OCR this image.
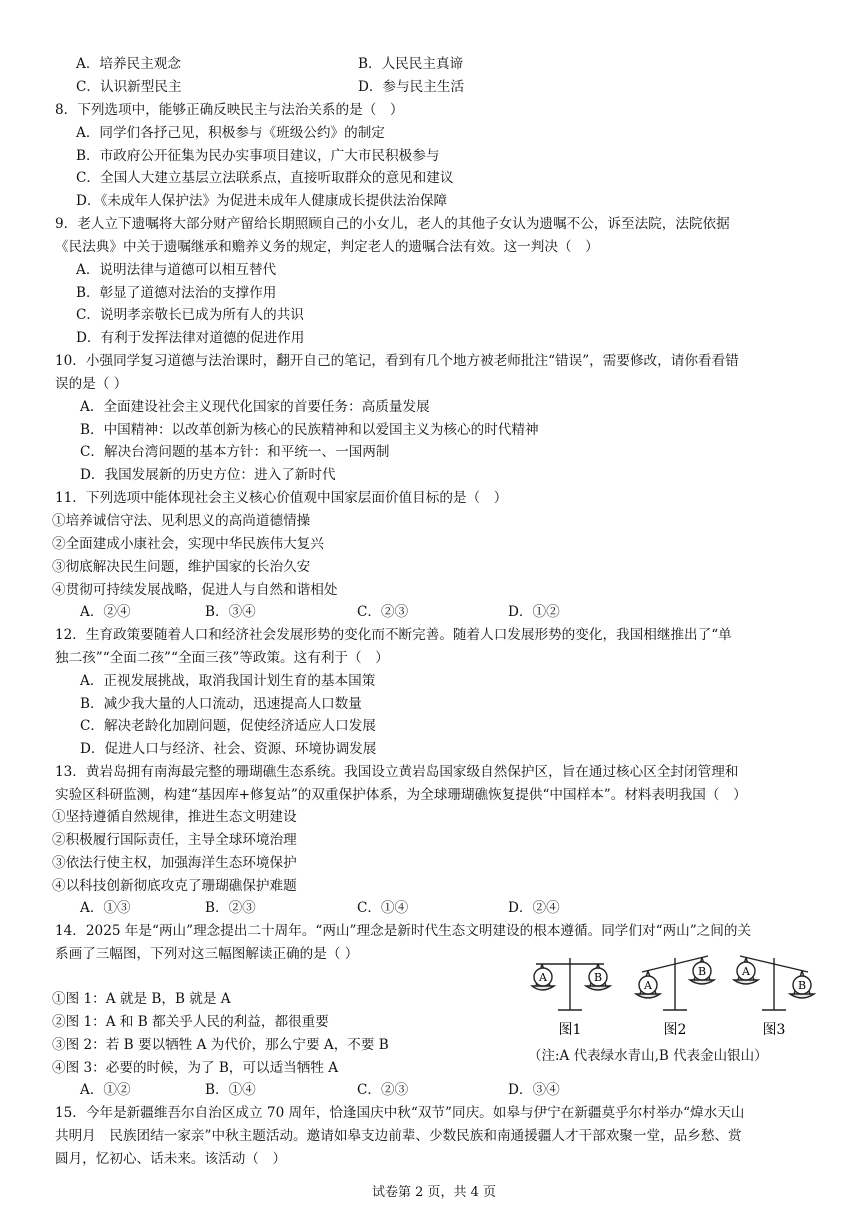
A．培养民主观念	B．人民民主真谛
C．认识新型民主	D．参与民主生活
8．下列选项中，能够正确反映民主与法治关系的是（　）
A．同学们各抒己见，积极参与《班级公约》的制定
B．市政府公开征集为民办实事项目建议，广大市民积极参与
C．全国人大建立基层立法联系点，直接听取群众的意见和建议
D．《未成年人保护法》为促进未成年人健康成长提供法治保障
9．老人立下遗嘱将大部分财产留给长期照顾自己的小女儿，老人的其他子女认为遗嘱不公，诉至法院，法院依据
《民法典》中关于遗嘱继承和赡养义务的规定，判定老人的遗嘱合法有效。这一判决（　）
A．说明法律与道德可以相互替代
B．彰显了道德对法治的支撑作用
C．说明孝亲敬长已成为所有人的共识
D．有利于发挥法律对道德的促进作用
10．小强同学复习道德与法治课时，翻开自己的笔记，看到有几个地方被老师批注“错误”，需要修改，请你看看错
误的是（ ）
A．全面建设社会主义现代化国家的首要任务：高质量发展
B．中国精神：以改革创新为核心的民族精神和以爱国主义为核心的时代精神
C．解决台湾问题的基本方针：和平统一、一国两制
D．我国发展新的历史方位：进入了新时代
11．下列选项中能体现社会主义核心价值观中国家层面价值目标的是（　）
①培养诚信守法、见利思义的高尚道德情操
②全面建成小康社会，实现中华民族伟大复兴
③彻底解决民生问题，维护国家的长治久安
④贯彻可持续发展战略，促进人与自然和谐相处
A．②④	B．③④	C．②③	D．①②
12．生育政策要随着人口和经济社会发展形势的变化而不断完善。随着人口发展形势的变化，我国相继推出了“单
独二孩”“全面二孩”“全面三孩”等政策。这有利于（　）
A．正视发展挑战，取消我国计划生育的基本国策
B．减少我大量的人口流动，迅速提高人口数量
C．解决老龄化加剧问题，促使经济适应人口发展
D．促进人口与经济、社会、资源、环境协调发展
13．黄岩岛拥有南海最完整的珊瑚礁生态系统。我国设立黄岩岛国家级自然保护区，旨在通过核心区全封闭管理和
实验区科研监测，构建“基因库+修复站”的双重保护体系，为全球珊瑚礁恢复提供“中国样本”。材料表明我国（　）
①坚持遵循自然规律，推进生态文明建设
②积极履行国际责任，主导全球环境治理
③依法行使主权，加强海洋生态环境保护
④以科技创新彻底攻克了珊瑚礁保护难题
A．①③	B．②③	C．①④	D．②④
14．2025 年是“两山”理念提出二十周年。“两山”理念是新时代生态文明建设的根本遵循。同学们对“两山”之间的关
系画了三幅图，下列对这三幅图解读正确的是（ ）
①图 1：A 就是 B，B 就是 A
②图 1：A 和 B 都关乎人民的利益，都很重要
③图 2：若 B 要以牺牲 A 为代价，那么宁要 A，不要 B
④图 3：必要的时候，为了 B，可以适当牺牲 A
A．①②	B．①④	C．②③	D．③④
A	B
A
B	A
B
图1	图2	图3
（注:A 代表绿水青山,B 代表金山银山）
15．今年是新疆维吾尔自治区成立 70 周年，恰逢国庆中秋“双节”同庆。如皋与伊宁在新疆莫乎尔村举办“煒水天山
共明月　民族团结一家亲”中秋主题活动。邀请如皋支边前辈、少数民族和南通援疆人才干部欢聚一堂，品乡愁、赏
圆月，忆初心、话未来。该活动（　）
试卷第 2 页，共 4 页
